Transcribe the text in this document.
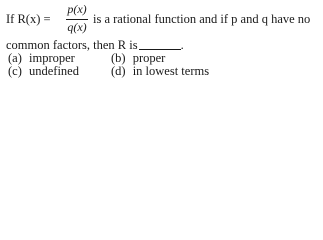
If R(x) =
p(x)
q(x)
is a rational function and if p and q have no
common factors, then R is	.
(a) improper	(b) proper
(c) undefined	(d) in lowest terms
